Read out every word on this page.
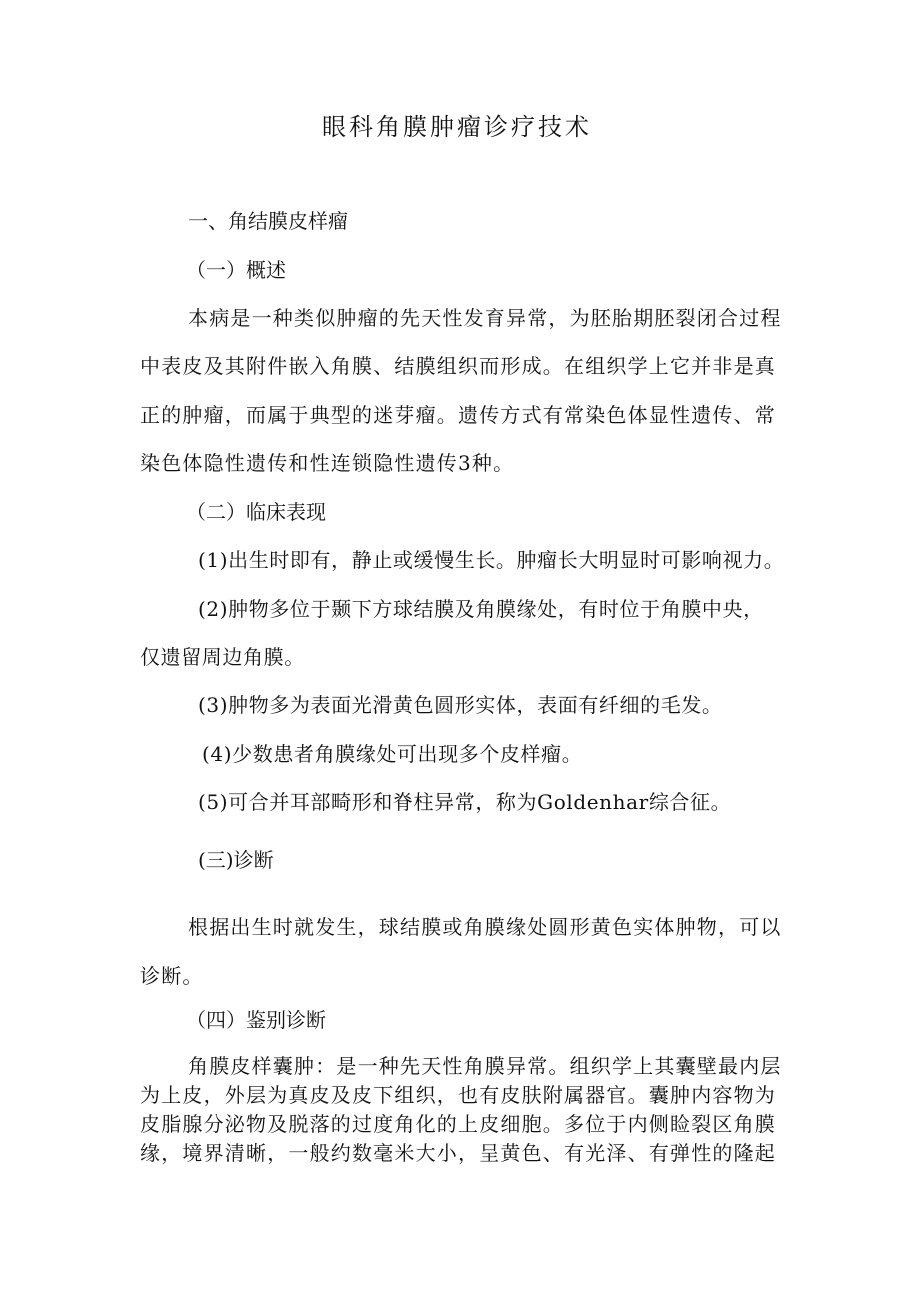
眼科角膜肿瘤诊疗技术
一、角结膜皮样瘤
（一）概述
本病是一种类似肿瘤的先天性发育异常，为胚胎期胚裂闭合过程
中表皮及其附件嵌入角膜、结膜组织而形成。在组织学上它并非是真
正的肿瘤，而属于典型的迷芽瘤。遗传方式有常染色体显性遗传、常
染色体隐性遗传和性连锁隐性遗传3种。
（二）临床表现
(1)出生时即有，静止或缓慢生长。肿瘤长大明显时可影响视力。
(2)肿物多位于颞下方球结膜及角膜缘处，有时位于角膜中央，
仅遗留周边角膜。
(3)肿物多为表面光滑黄色圆形实体，表面有纤细的毛发。
(4)少数患者角膜缘处可出现多个皮样瘤。
(5)可合并耳部畸形和脊柱异常，称为Goldenhar综合征。
(三)诊断
根据出生时就发生，球结膜或角膜缘处圆形黄色实体肿物，可以
诊断。
（四）鉴别诊断
角膜皮样囊肿：是一种先天性角膜异常。组织学上其囊壁最内层
为上皮，外层为真皮及皮下组织，也有皮肤附属器官。囊肿内容物为
皮脂腺分泌物及脱落的过度角化的上皮细胞。多位于内侧睑裂区角膜
缘，境界清晰，一般约数毫米大小，呈黄色、有光泽、有弹性的隆起
